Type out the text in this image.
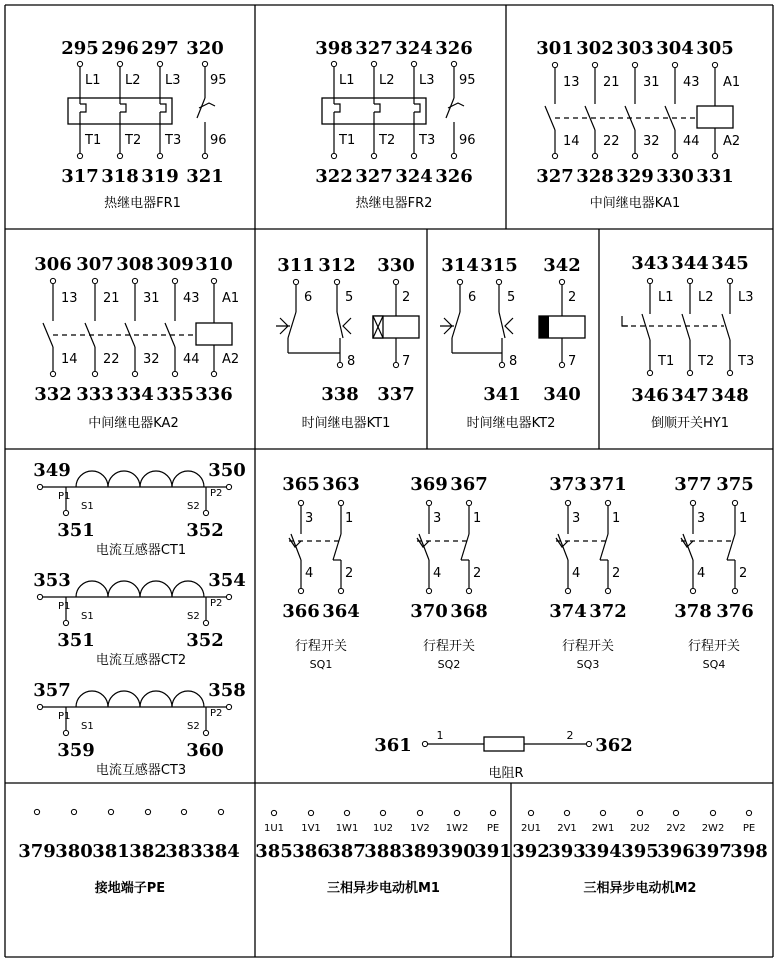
295
317
L1
T1
296
318
L2
T2
297
319
L3
T3
320
321
95
96
热继电器FR1
398
322
L1
T1
327
327
L2
T2
324
324
L3
T3
326
326
95
96
热继电器FR2
301
327
13
14
302
328
21
22
303
329
31
32
304
330
43
44
305
331
A1
A2
中间继电器KA1
306
332
13
14
307
333
21
22
308
334
31
32
309
335
43
44
310
336
A1
A2
中间继电器KA2
311 312 330
6	5	2
8
338
7
337
时间继电器KT1
314 315 342
6 5	2
8
341
7
340
时间继电器KT2
343
346
L1
T1
344
347
L2
T2
345
348
L3
T3
倒顺开关HY1
349	350
P1	P2
S1	S2
351	352
电流互感器CT1
353	354
P1	P2
S1	S2
351	352
电流互感器CT2
357	358
P1	P2
S1	S2
359	360
电流互感器CT3
365 363
366 364
3 1
4 2
行程开关
SQ1
369 367
370 368
3 1
4 2
行程开关
SQ2
373 371
374 372
3 1
4 2
行程开关
SQ3
377 375
378 376
3	1
4	2
行程开关
SQ4
361	362
1	2
电阻R
379 380 381 382
383 384
接地端子PE
1U1
385
1V1
386
1W1
387
1U2
388
1V2
389
1W2
390
PE
391
三相异步电动机M1
2U1
392
2V1
393
2W1
394
2U2
395
2V2
396
2W2
397
PE
398
三相异步电动机M2
